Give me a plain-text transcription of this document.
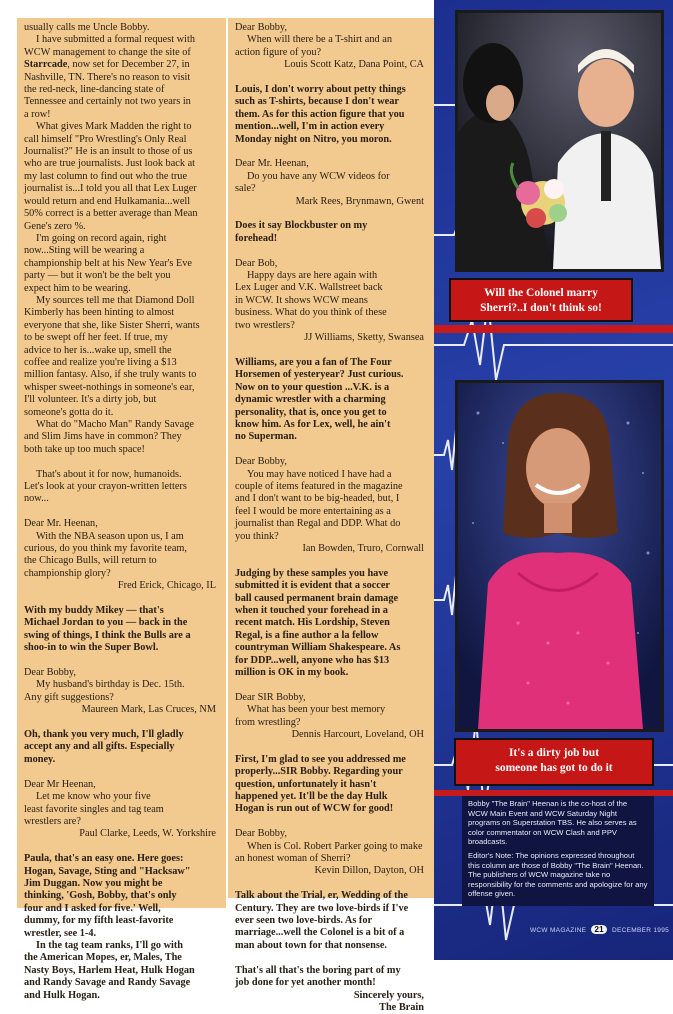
usually calls me Uncle Bobby.

I have submitted a formal request with

WCW management to change the site of

Starrcade, now set for December 27, in

Nashville, TN. There's no reason to visit

the red-neck, line-dancing state of

Tennessee and certainly not two years in

a row!

What gives Mark Madden the right to

call himself "Pro Wrestling's Only Real

Journalist?" He is an insult to those of us

who are true journalists. Just look back at

my last column to find out who the true

journalist is...I told you all that Lex Luger

would return and end Hulkamania...well

50% correct is a better average than Mean

Gene's zero %.

I'm going on record again, right

now...Sting will be wearing a

championship belt at his New Year's Eve

party — but it won't be the belt you

expect him to be wearing.

My sources tell me that Diamond Doll

Kimberly has been hinting to almost

everyone that she, like Sister Sherri, wants

to be swept off her feet. If true, my

advice to her is...wake up, smell the

coffee and realize you're living a $13

million fantasy. Also, if she truly wants to

whisper sweet-nothings in someone's ear,

I'll volunteer. It's a dirty job, but

someone's gotta do it.

What do "Macho Man" Randy Savage

and Slim Jims have in common? They

both take up too much space!

That's about it for now, humanoids.

Let's look at your crayon-written letters

now...

Dear Mr. Heenan,

With the NBA season upon us, I am

curious, do you think my favorite team,

the Chicago Bulls, will return to

championship glory?

Fred Erick, Chicago, IL

With my buddy Mikey — that's

Michael Jordan to you — back in the

swing of things, I think the Bulls are a

shoo-in to win the Super Bowl.

Dear Bobby,

My husband's birthday is Dec. 15th.

Any gift suggestions?

Maureen Mark, Las Cruces, NM

Oh, thank you very much, I'll gladly

accept any and all gifts. Especially

money.

Dear Mr Heenan,

Let me know who your five

least favorite singles and tag team

wrestlers are?

Paul Clarke, Leeds, W. Yorkshire

Paula, that's an easy one. Here goes:

Hogan, Savage, Sting and "Hacksaw"

Jim Duggan. Now you might be

thinking, 'Gosh, Bobby, that's only

four and I asked for five.' Well,

dummy, for my fifth least-favorite

wrestler, see 1-4.

In the tag team ranks, I'll go with

the American Mopes, er, Males, The

Nasty Boys, Harlem Heat, Hulk Hogan

and Randy Savage and Randy Savage

and Hulk Hogan.

Dear Bobby,

When will there be a T-shirt and an

action figure of you?

Louis Scott Katz, Dana Point, CA

Louis, I don't worry about petty things

such as T-shirts, because I don't wear

them. As for this action figure that you

mention...well, I'm in action every

Monday night on Nitro, you moron.

Dear Mr. Heenan,

Do you have any WCW videos for

sale?

Mark Rees, Brynmawn, Gwent

Does it say Blockbuster on my

forehead!

Dear Bob,

Happy days are here again with

Lex Luger and V.K. Wallstreet back

in WCW. It shows WCW means

business. What do you think of these

two wrestlers?

JJ Williams, Sketty, Swansea

Williams, are you a fan of The Four

Horsemen of yesteryear? Just curious.

Now on to your question ...V.K. is a

dynamic wrestler with a charming

personality, that is, once you get to

know him. As for Lex, well, he ain't

no Superman.

Dear Bobby,

You may have noticed I have had a

couple of items featured in the magazine

and I don't want to be big-headed, but, I

feel I would be more entertaining as a

journalist than Regal and DDP. What do

you think?

Ian Bowden, Truro, Cornwall

Judging by these samples you have

submitted it is evident that a soccer

ball caused permanent brain damage

when it touched your forehead in a

recent match. His Lordship, Steven

Regal, is a fine author a la fellow

countryman William Shakespeare. As

for DDP...well, anyone who has $13

million is OK in my book.

Dear SIR Bobby,

What has been your best memory

from wrestling?

Dennis Harcourt, Loveland, OH

First, I'm glad to see you addressed me

properly...SIR Bobby. Regarding your

question, unfortunately it hasn't

happened yet. It'll be the day Hulk

Hogan is run out of WCW for good!

Dear Bobby,

When is Col. Robert Parker going to make

an honest woman of Sherri?

Kevin Dillon, Dayton, OH

Talk about the Trial, er, Wedding of the

Century. They are two love-birds if I've

ever seen two love-birds. As for

marriage...well the Colonel is a bit of a

man about town for that nonsense.

That's all that's the boring part of my

job done for yet another month!

Sincerely yours,

The Brain

Will the Colonel marry
Sherri?..I don't think so!
It's a dirty job but
someone has got to do it

Bobby "The Brain" Heenan is the co-host of the WCW Main Event and WCW Saturday Night programs on Superstation TBS. He also serves as color commentator on WCW Clash and PPV broadcasts.

Editor's Note: The opinions expressed throughout this column are those of Bobby "The Brain" Heenan. The publishers of WCW magazine take no responsibility for the comments and apologize for any offense given.

WCW MAGAZINE 21 DECEMBER 1995
